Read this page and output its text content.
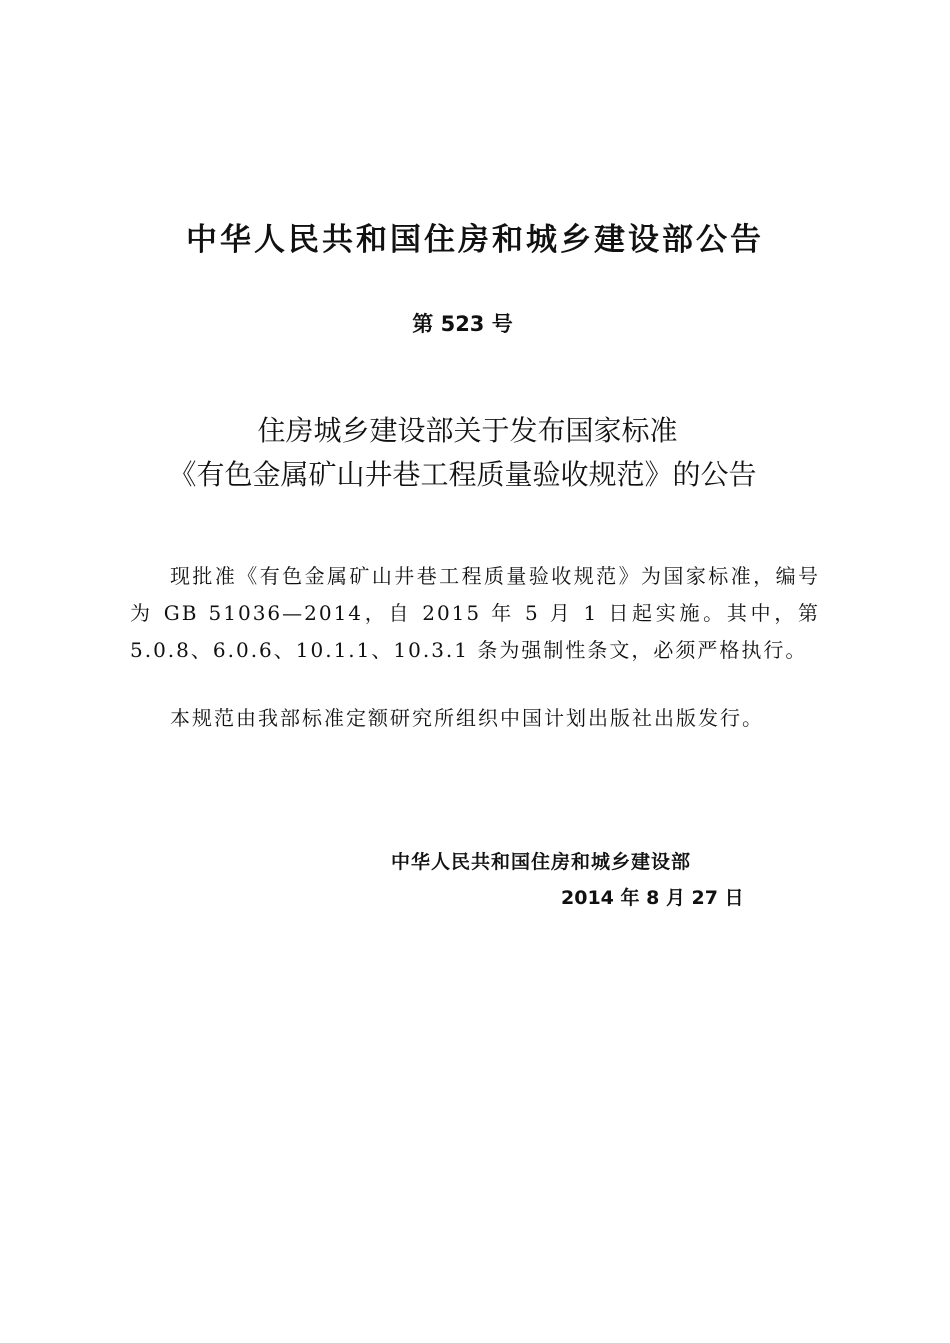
中华人民共和国住房和城乡建设部公告
第 523 号
住房城乡建设部关于发布国家标准
《有色金属矿山井巷工程质量验收规范》的公告

现批准《有色金属矿山井巷工程质量验收规范》为国家标准，编号为 GB 51036—2014，自 2015 年 5 月 1 日起实施。其中，第 5.0.8、6.0.6、10.1.1、10.3.1 条为强制性条文，必须严格执行。

本规范由我部标准定额研究所组织中国计划出版社出版发行。

中华人民共和国住房和城乡建设部
2014 年 8 月 27 日
